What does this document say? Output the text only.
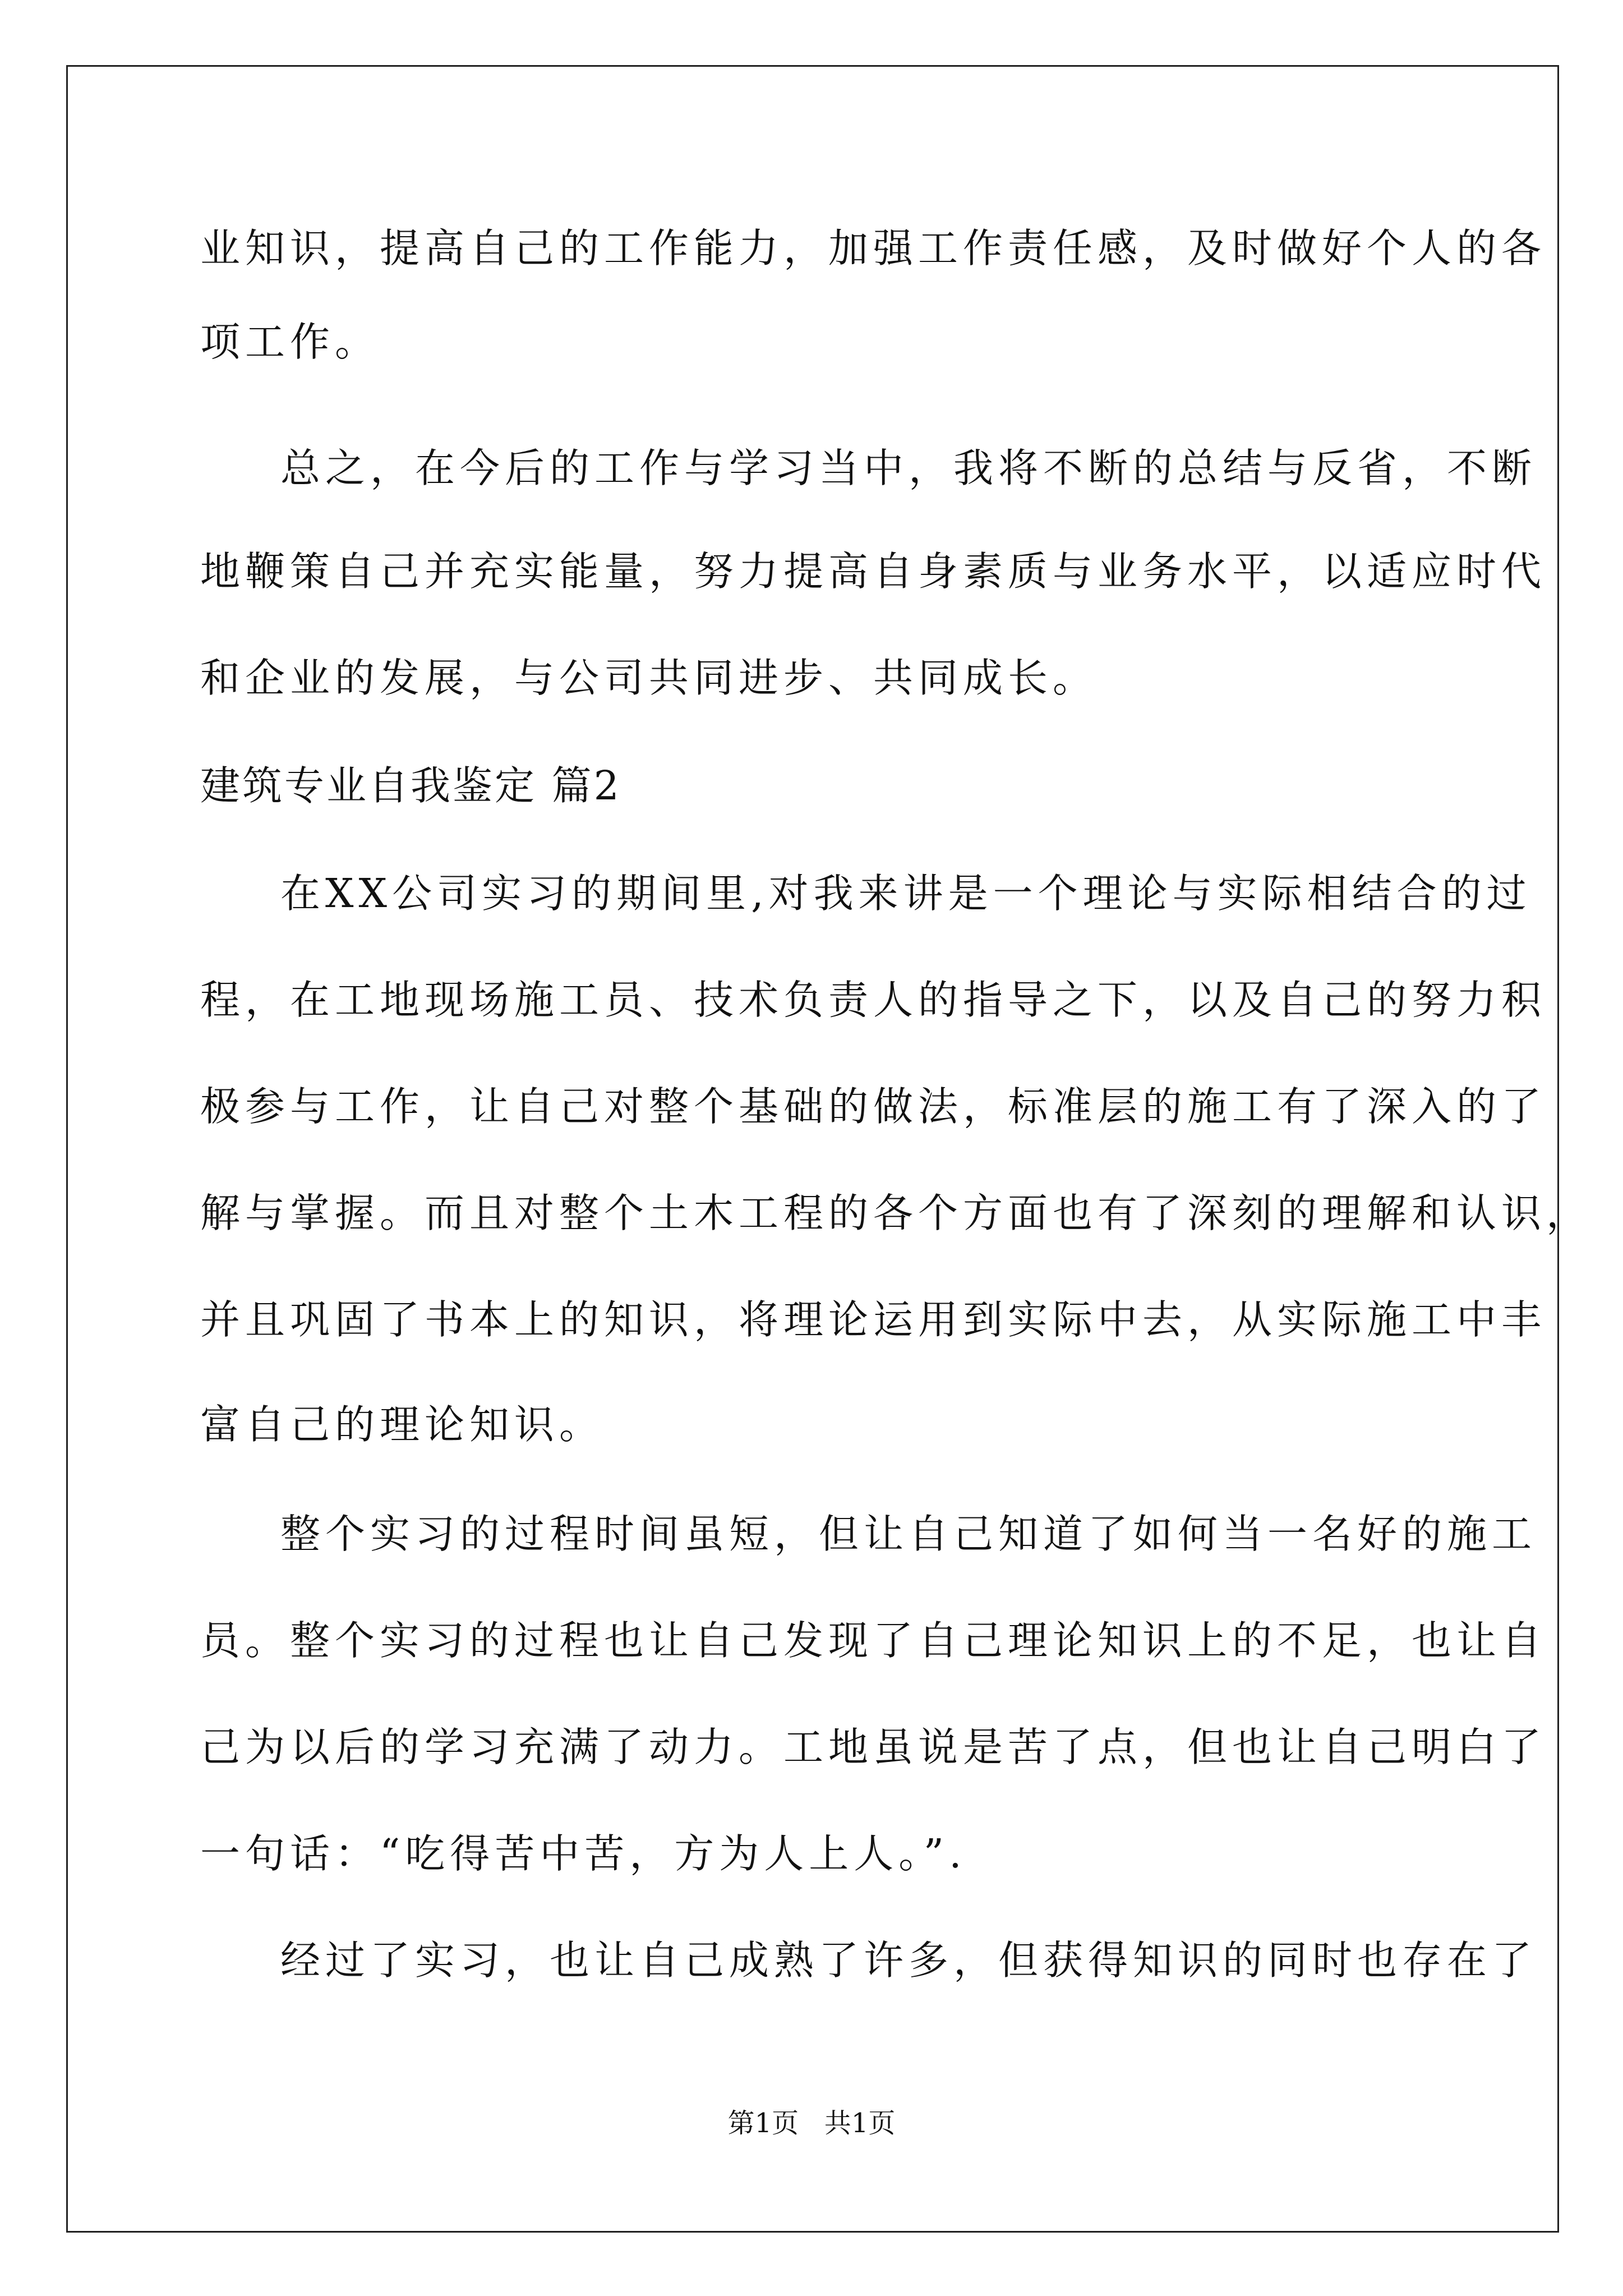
业知识，提高自己的工作能力，加强工作责任感，及时做好个人的各
项工作。
总之，在今后的工作与学习当中，我将不断的总结与反省，不断
地鞭策自己并充实能量，努力提高自身素质与业务水平，以适应时代
和企业的发展，与公司共同进步、共同成长。
建筑专业自我鉴定 篇2
在XX公司实习的期间里,对我来讲是一个理论与实际相结合的过
程，在工地现场施工员、技术负责人的指导之下，以及自己的努力积
极参与工作，让自己对整个基础的做法，标准层的施工有了深入的了
解与掌握。而且对整个土木工程的各个方面也有了深刻的理解和认识，
并且巩固了书本上的知识，将理论运用到实际中去，从实际施工中丰
富自己的理论知识。
整个实习的过程时间虽短，但让自己知道了如何当一名好的施工
员。整个实习的过程也让自己发现了自己理论知识上的不足，也让自
己为以后的学习充满了动力。工地虽说是苦了点，但也让自己明白了
一句话：“吃得苦中苦，方为人上人。”.
经过了实习，也让自己成熟了许多，但获得知识的同时也存在了
第1页   共1页
